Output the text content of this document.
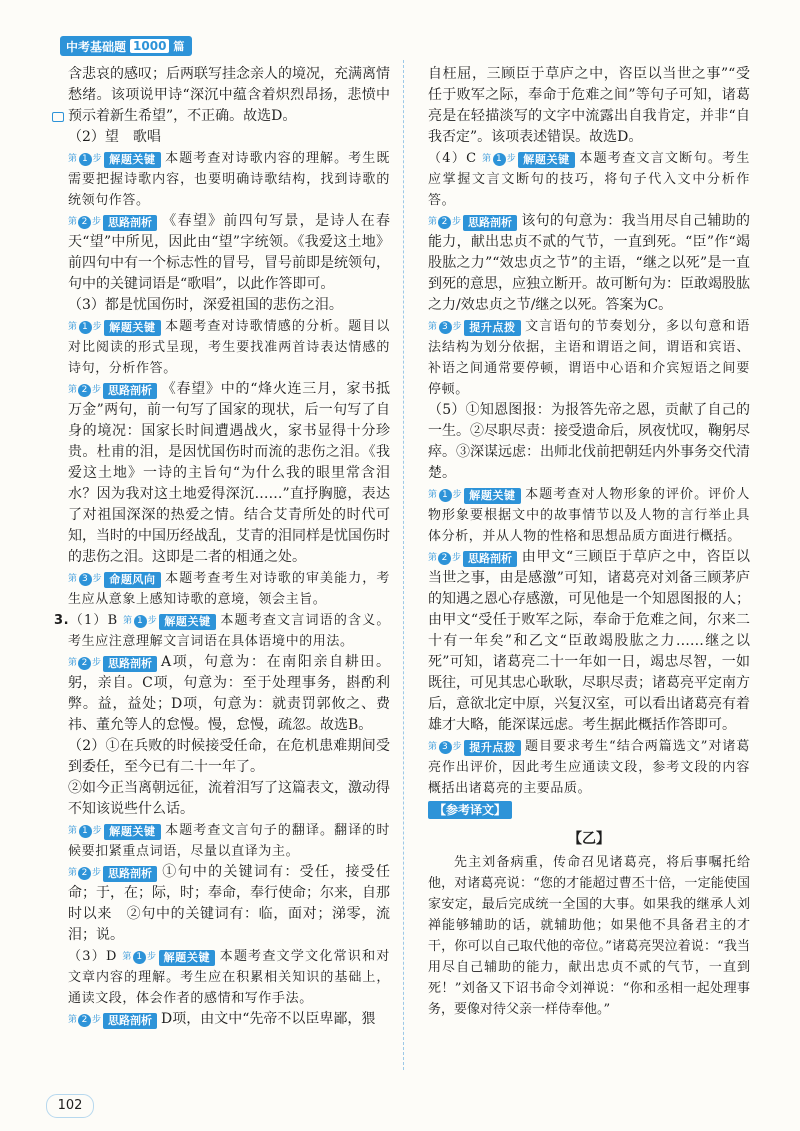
中考基础题 1000 篇

含悲哀的感叹；后两联写挂念亲人的境况，充满离情愁绪。该项说甲诗“深沉中蕴含着炽烈昂扬，悲愤中预示着新生希望”，不正确。故选D。

（2）望　歌唱

第 1 步 解题关键 本题考查对诗歌内容的理解。考生既需要把握诗歌内容，也要明确诗歌结构，找到诗歌的统领句作答。

第 2 步 思路剖析 《春望》前四句写景，是诗人在春天“望”中所见，因此由“望”字统领。《我爱这土地》前四句中有一个标志性的冒号，冒号前即是统领句，句中的关键词语是“歌唱”，以此作答即可。

（3）都是忧国伤时，深爱祖国的悲伤之泪。

第 1 步 解题关键 本题考查对诗歌情感的分析。题目以对比阅读的形式呈现，考生要找准两首诗表达情感的诗句，分析作答。

第 2 步 思路剖析 《春望》中的“烽火连三月，家书抵万金”两句，前一句写了国家的现状，后一句写了自身的境况：国家长时间遭遇战火，家书显得十分珍贵。杜甫的泪，是因忧国伤时而流的悲伤之泪。《我爱这土地》一诗的主旨句“为什么我的眼里常含泪水？因为我对这土地爱得深沉……”直抒胸臆，表达了对祖国深深的热爱之情。结合艾青所处的时代可知，当时的中国历经战乱，艾青的泪同样是忧国伤时的悲伤之泪。这即是二者的相通之处。

第 3 步 命题风向 本题考查考生对诗歌的审美能力，考生应从意象上感知诗歌的意境，领会主旨。

3.（1）B 第 1 步 解题关键 本题考查文言词语的含义。考生应注意理解文言词语在具体语境中的用法。

第 2 步 思路剖析 A项，句意为：在南阳亲自耕田。躬，亲自。C项，句意为：至于处理事务，斟酌利弊。益，益处；D项，句意为：就责罚郭攸之、费祎、董允等人的怠慢。慢，怠慢，疏忽。故选B。

（2）①在兵败的时候接受任命，在危机患难期间受到委任，至今已有二十一年了。

②如今正当离朝远征，流着泪写了这篇表文，激动得不知该说些什么话。

第 1 步 解题关键 本题考查文言句子的翻译。翻译的时候要扣紧重点词语，尽量以直译为主。

第 2 步 思路剖析 ①句中的关键词有：受任，接受任命；于，在；际，时；奉命，奉行使命；尔来，自那时以来　②句中的关键词有：临，面对；涕零，流泪；说。

（3）D 第 1 步 解题关键 本题考查文学文化常识和对文章内容的理解。考生应在积累相关知识的基础上，通读文段，体会作者的感情和写作手法。

第 2 步 思路剖析 D项，由文中“先帝不以臣卑鄙，猥

自枉屈，三顾臣于草庐之中，咨臣以当世之事”“受任于败军之际，奉命于危难之间”等句子可知，诸葛亮是在轻描淡写的文字中流露出自我肯定，并非“自我否定”。该项表述错误。故选D。

（4）C 第 1 步 解题关键 本题考查文言文断句。考生应掌握文言文断句的技巧，将句子代入文中分析作答。

第 2 步 思路剖析 该句的句意为：我当用尽自己辅助的能力，献出忠贞不贰的气节，一直到死。“臣”作“竭股肱之力”“效忠贞之节”的主语，“继之以死”是一直到死的意思，应独立断开。故可断句为：臣敢竭股肱之力/效忠贞之节/继之以死。答案为C。

第 3 步 提升点拨 文言语句的节奏划分，多以句意和语法结构为划分依据，主语和谓语之间，谓语和宾语、补语之间通常要停顿，谓语中心语和介宾短语之间要停顿。

（5）①知恩图报：为报答先帝之恩，贡献了自己的一生。②尽职尽责：接受遗命后，夙夜忧叹，鞠躬尽瘁。③深谋远虑：出师北伐前把朝廷内外事务交代清楚。

第 1 步 解题关键 本题考查对人物形象的评价。评价人物形象要根据文中的故事情节以及人物的言行举止具体分析，并从人物的性格和思想品质方面进行概括。

第 2 步 思路剖析 由甲文“三顾臣于草庐之中，咨臣以当世之事，由是感激”可知，诸葛亮对刘备三顾茅庐的知遇之恩心存感激，可见他是一个知恩图报的人；由甲文“受任于败军之际，奉命于危难之间，尔来二十有一年矣”和乙文“臣敢竭股肱之力……继之以死”可知，诸葛亮二十一年如一日，竭忠尽智，一如既往，可见其忠心耿耿，尽职尽责；诸葛亮平定南方后，意欲北定中原，兴复汉室，可以看出诸葛亮有着雄才大略，能深谋远虑。考生据此概括作答即可。

第 3 步 提升点拨 题目要求考生“结合两篇选文”对诸葛亮作出评价，因此考生应通读文段，参考文段的内容概括出诸葛亮的主要品质。

【参考译文】

【乙】

先主刘备病重，传命召见诸葛亮，将后事嘱托给他，对诸葛亮说：“您的才能超过曹丕十倍，一定能使国家安定，最后完成统一全国的大事。如果我的继承人刘禅能够辅助的话，就辅助他；如果他不具备君主的才干，你可以自己取代他的帝位。”诸葛亮哭泣着说：“我当用尽自己辅助的能力，献出忠贞不贰的气节，一直到死！”刘备又下诏书命令刘禅说：“你和丞相一起处理事务，要像对待父亲一样侍奉他。”

102
